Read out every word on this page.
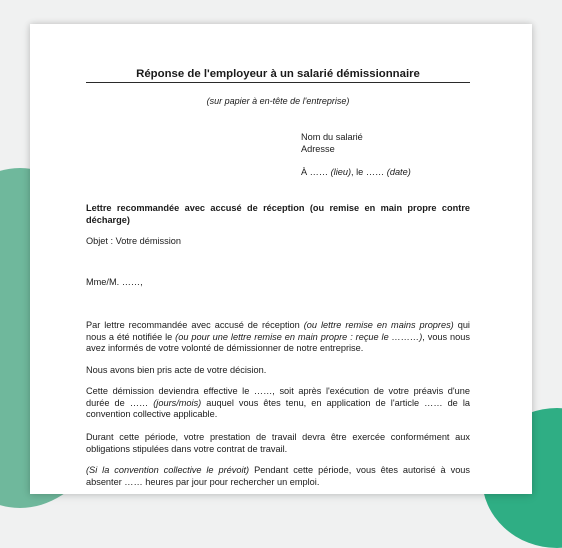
Réponse de l'employeur à un salarié démissionnaire
(sur papier à en-tête de l'entreprise)
Nom du salarié
Adresse
À …… (lieu), le …… (date)
Lettre recommandée avec accusé de réception (ou remise en main propre contre décharge)
Objet : Votre démission
Mme/M. ……,
Par lettre recommandée avec accusé de réception (ou lettre remise en mains propres) qui nous a été notifiée le (ou pour une lettre remise en main propre : reçue le ………), vous nous avez informés de votre volonté de démissionner de notre entreprise.
Nous avons bien pris acte de votre décision.
Cette démission deviendra effective le ……, soit après l'exécution de votre préavis d'une durée de …… (jours/mois) auquel vous êtes tenu, en application de l'article …… de la convention collective applicable.
Durant cette période, votre prestation de travail devra être exercée conformément aux obligations stipulées dans votre contrat de travail.
(Si la convention collective le prévoit) Pendant cette période, vous êtes autorisé à vous absenter …… heures par jour pour rechercher un emploi.
